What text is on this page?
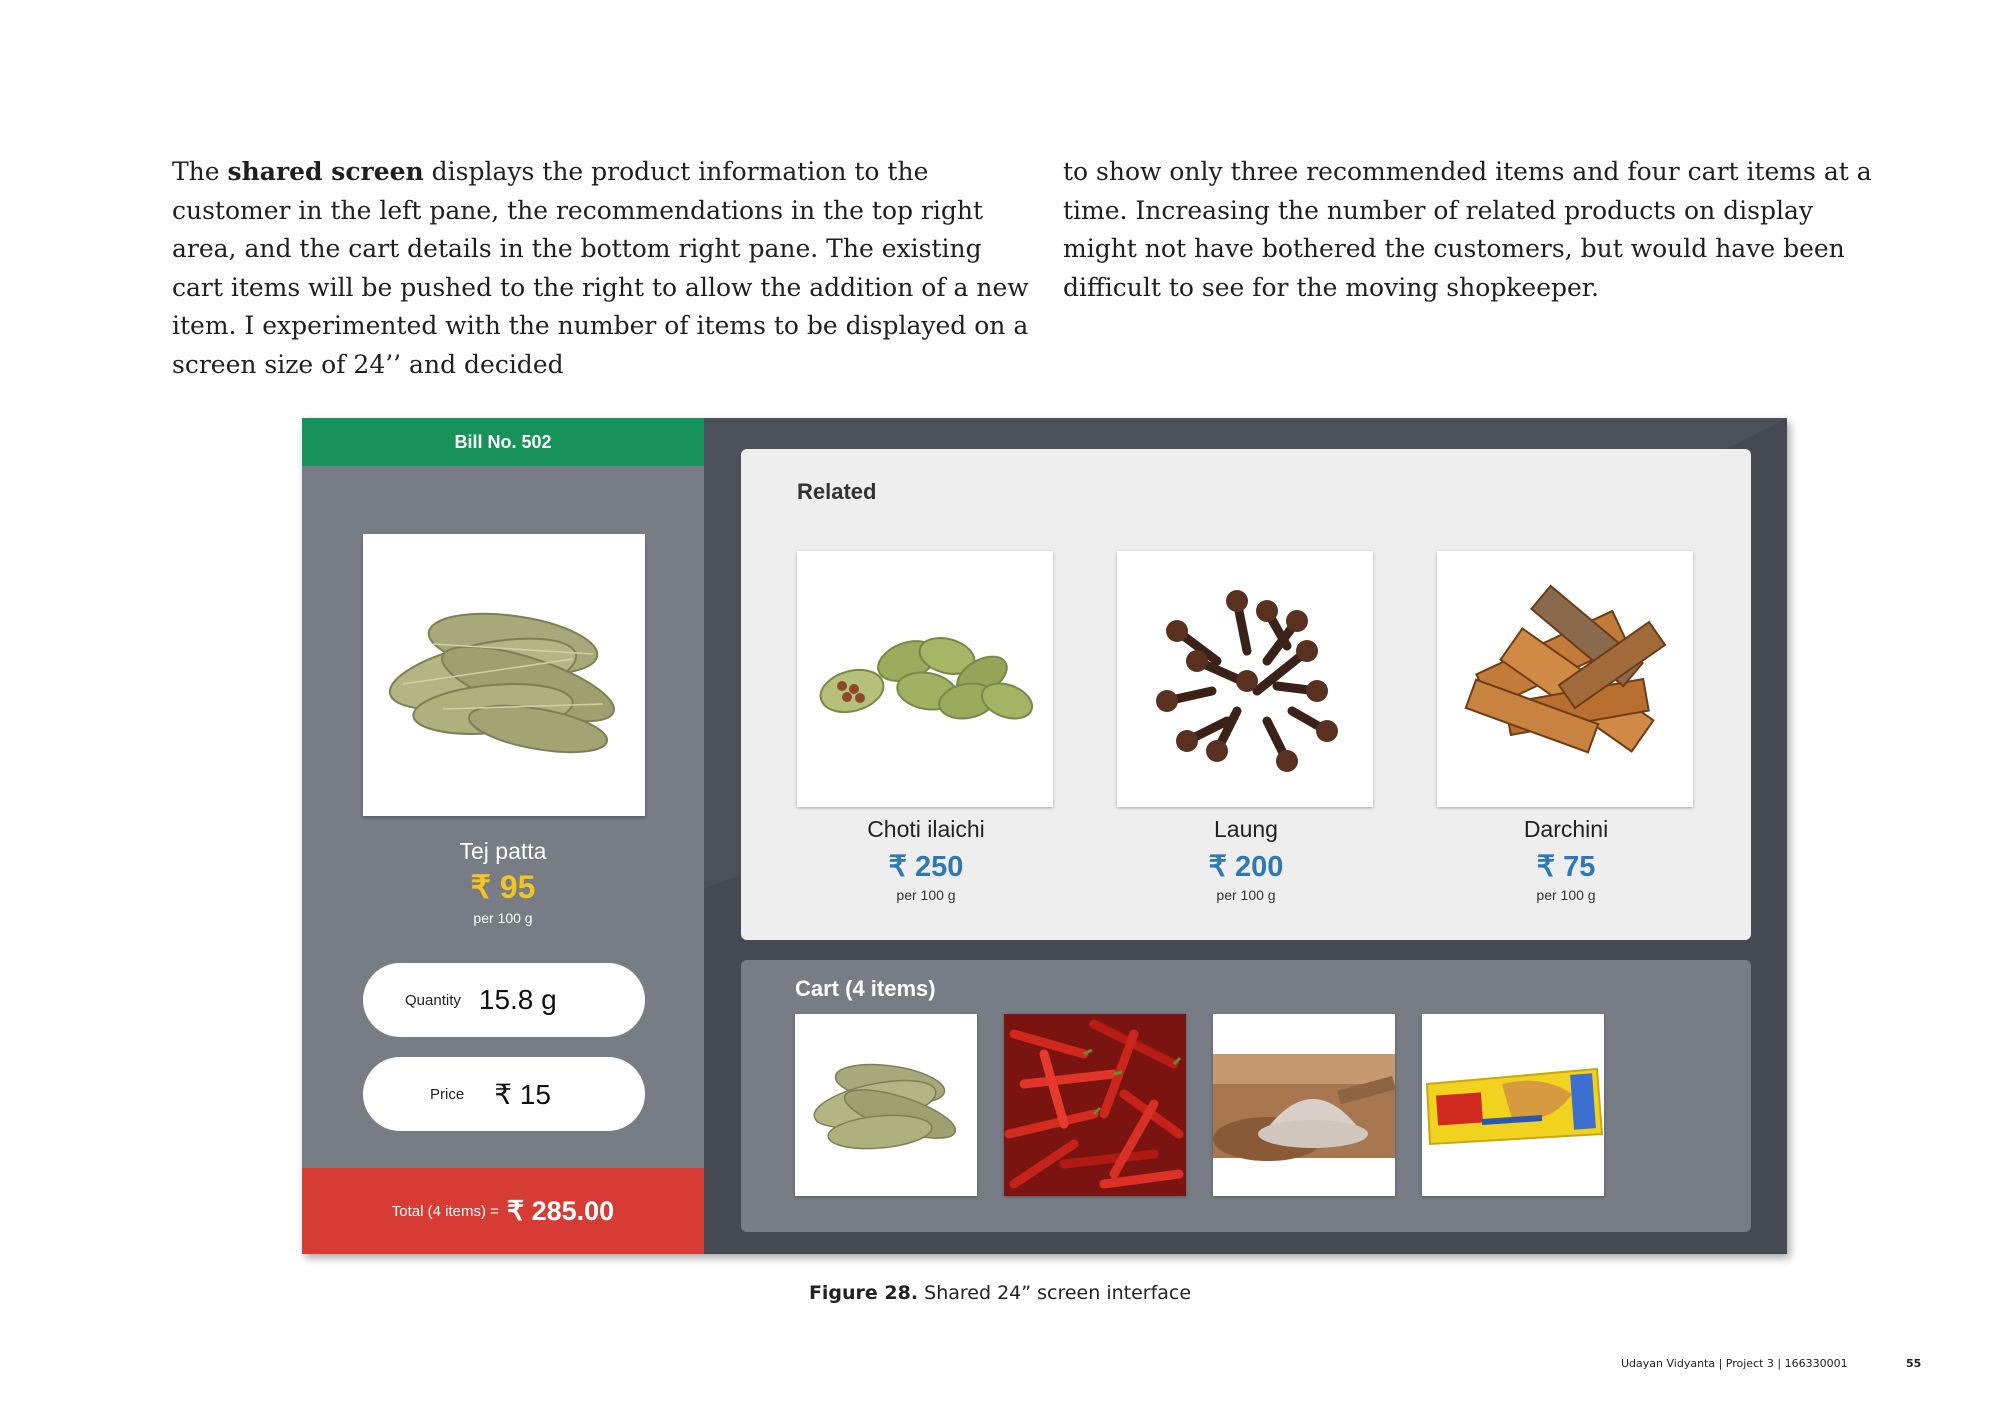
The shared screen displays the product information to the customer in the left pane, the recommendations in the top right area, and the cart details in the bottom right pane. The existing cart items will be pushed to the right to allow the addition of a new item. I experimented with the number of items to be displayed on a screen size of 24’’ and decided
to show only three recommended items and four cart items at a time. Increasing the number of related products on display might not have bothered the customers, but would have been difficult to see for the moving shopkeeper.
Bill No. 502
Tej patta
₹ 95
per 100 g
Quantity 15.8 g
Price ₹ 15
Total (4 items) = ₹ 285.00
Related
Choti ilaichi
₹ 250
per 100 g
Laung
₹ 200
per 100 g
Darchini
₹ 75
per 100 g
Cart (4 items)
Figure 28. Shared 24” screen interface
Udayan Vidyanta | Project 3 | 166330001	55
